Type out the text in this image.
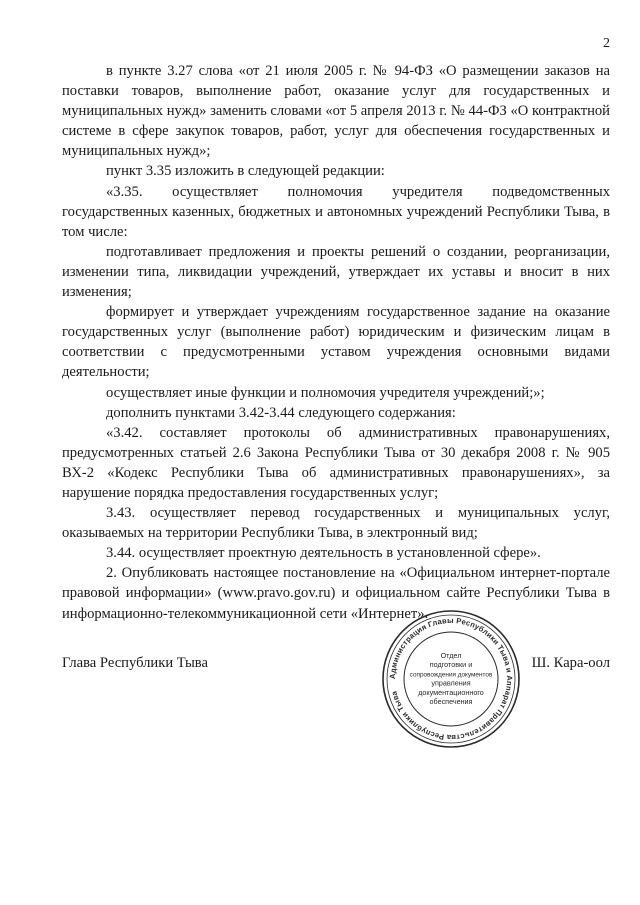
2

в пункте 3.27 слова «от 21 июля 2005 г. № 94-ФЗ «О размещении заказов на поставки товаров, выполнение работ, оказание услуг для государственных и муниципальных нужд» заменить словами «от 5 апреля 2013 г. № 44-ФЗ «О контрактной системе в сфере закупок товаров, работ, услуг для обеспечения государственных и муниципальных нужд»;

пункт 3.35 изложить в следующей редакции:

«3.35. осуществляет полномочия учредителя подведомственных государственных казенных, бюджетных и автономных учреждений Республики Тыва, в том числе:

подготавливает предложения и проекты решений о создании, реорганизации, изменении типа, ликвидации учреждений, утверждает их уставы и вносит в них изменения;

формирует и утверждает учреждениям государственное задание на оказание государственных услуг (выполнение работ) юридическим и физическим лицам в соответствии с предусмотренными уставом учреждения основными видами деятельности;

осуществляет иные функции и полномочия учредителя учреждений;»;

дополнить пунктами 3.42-3.44 следующего содержания:

«3.42. составляет протоколы об административных правонарушениях, предусмотренных статьей 2.6 Закона Республики Тыва от 30 декабря 2008 г. № 905 ВХ-2 «Кодекс Республики Тыва об административных правонарушениях», за нарушение порядка предоставления государственных услуг;

3.43. осуществляет перевод государственных и муниципальных услуг, оказываемых на территории Республики Тыва, в электронный вид;

3.44. осуществляет проектную деятельность в установленной сфере».

2. Опубликовать настоящее постановление на «Официальном интернет-портале правовой информации» (www.pravo.gov.ru) и официальном сайте Республики Тыва в информационно-телекоммуникационной сети «Интернет».

Глава Республики Тыва	Ш. Кара-оол
Администрация Главы Республики Тыва и Аппарат Правительства Республики Тыва
Отдел
подготовки и
сопровождения документов
управления
документационного
обеспечения
